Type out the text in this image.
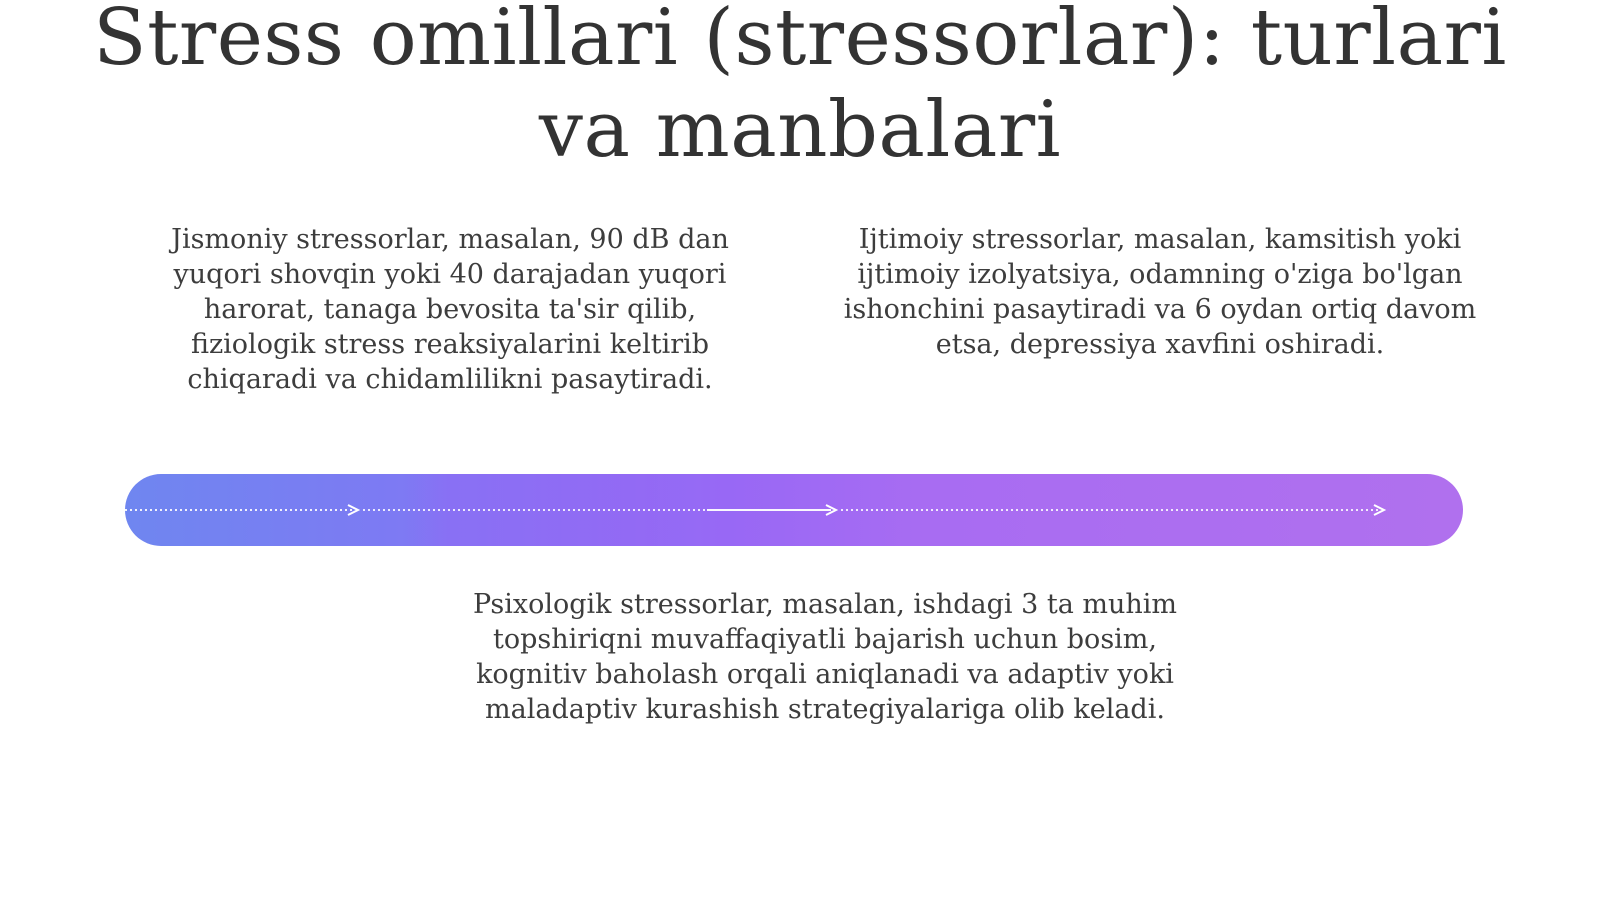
Stress omillari (stressorlar): turlari va manbalari
Jismoniy stressorlar, masalan, 90 dB dan yuqori shovqin yoki 40 darajadan yuqori harorat, tanaga bevosita ta'sir qilib, fiziologik stress reaksiyalarini keltirib chiqaradi va chidamlilikni pasaytiradi.
Ijtimoiy stressorlar, masalan, kamsitish yoki ijtimoiy izolyatsiya, odamning o'ziga bo'lgan ishonchini pasaytiradi va 6 oydan ortiq davom etsa, depressiya xavfini oshiradi.
Psixologik stressorlar, masalan, ishdagi 3 ta muhim topshiriqni muvaffaqiyatli bajarish uchun bosim, kognitiv baholash orqali aniqlanadi va adaptiv yoki maladaptiv kurashish strategiyalariga olib keladi.
